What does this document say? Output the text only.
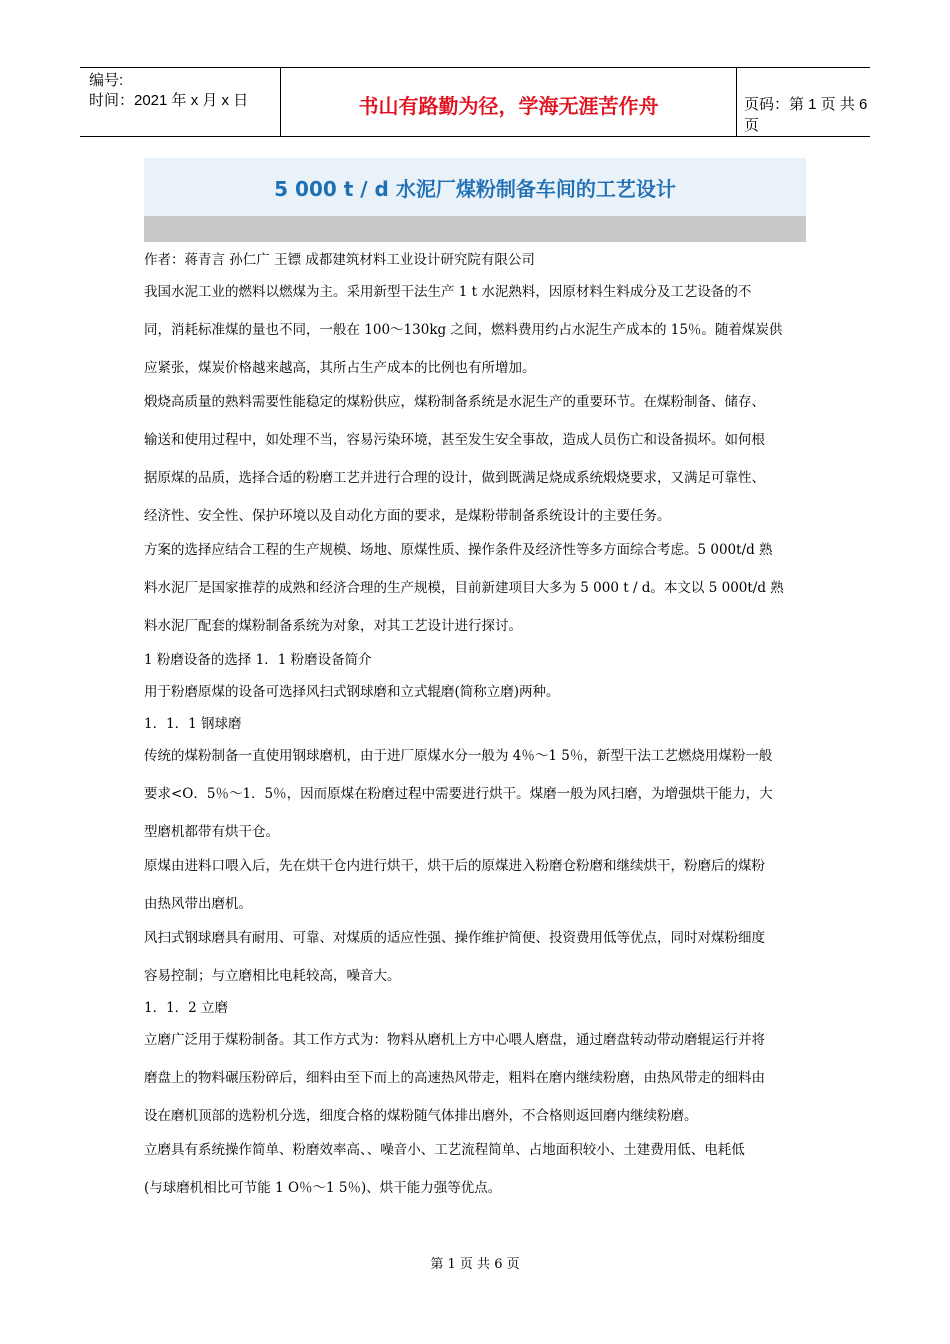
编号:
时间：2021 年 x 月 x 日	书山有路勤为径，学海无涯苦作舟	页码：第 1 页 共 6 页
5 000 t / d 水泥厂煤粉制备车间的工艺设计
作者：蒋青言 孙仁广 王镖 成都建筑材料工业设计研究院有限公司
我国水泥工业的燃料以燃煤为主。采用新型干法生产 1 t 水泥熟料，因原材料生料成分及工艺设备的不
同，消耗标准煤的量也不同，一般在 100～130kg 之间，燃料费用约占水泥生产成本的 15％。随着煤炭供
应紧张，煤炭价格越来越高，其所占生产成本的比例也有所增加。
煅烧高质量的熟料需要性能稳定的煤粉供应，煤粉制备系统是水泥生产的重要环节。在煤粉制备、储存、
输送和使用过程中，如处理不当，容易污染环境，甚至发生安全事故，造成人员伤亡和设备损坏。如何根
据原煤的品质，选择合适的粉磨工艺并进行合理的设计，做到既满足烧成系统煅烧要求，又满足可靠性、
经济性、安全性、保护环境以及自动化方面的要求，是煤粉带制备系统设计的主要任务。
方案的选择应结合工程的生产规模、场地、原煤性质、操作条件及经济性等多方面综合考虑。5 000t/d 熟
料水泥厂是国家推荐的成熟和经济合理的生产规模，目前新建项目大多为 5 000 t / d。本文以 5 000t/d 熟
料水泥厂配套的煤粉制备系统为对象，对其工艺设计进行探讨。
1 粉磨设备的选择 1．1 粉磨设备简介
用于粉磨原煤的设备可选择风扫式钢球磨和立式辊磨(简称立磨)两种。
1．1．1 钢球磨
传统的煤粉制备一直使用钢球磨机，由于进厂原煤水分一般为 4％～1 5％，新型干法工艺燃烧用煤粉一般
要求<O．5％～1．5％，因而原煤在粉磨过程中需要进行烘干。煤磨一般为风扫磨，为增强烘干能力，大
型磨机都带有烘干仓。
原煤由进料口喂入后，先在烘干仓内进行烘干，烘干后的原煤进入粉磨仓粉磨和继续烘干，粉磨后的煤粉
由热风带出磨机。
风扫式钢球磨具有耐用、可靠、对煤质的适应性强、操作维护简便、投资费用低等优点，同时对煤粉细度
容易控制；与立磨相比电耗较高，噪音大。
1．1．2 立磨
立磨广泛用于煤粉制备。其工作方式为：物料从磨机上方中心喂人磨盘，通过磨盘转动带动磨辊运行并将
磨盘上的物料碾压粉碎后，细料由至下而上的高速热风带走，粗料在磨内继续粉磨，由热风带走的细料由
设在磨机顶部的选粉机分选，细度合格的煤粉随气体排出磨外，不合格则返回磨内继续粉磨。
立磨具有系统操作简单、粉磨效率高、、噪音小、工艺流程简单、占地面积较小、土建费用低、电耗低
(与球磨机相比可节能 1 O％～1 5％)、烘干能力强等优点。
第 1 页 共 6 页
